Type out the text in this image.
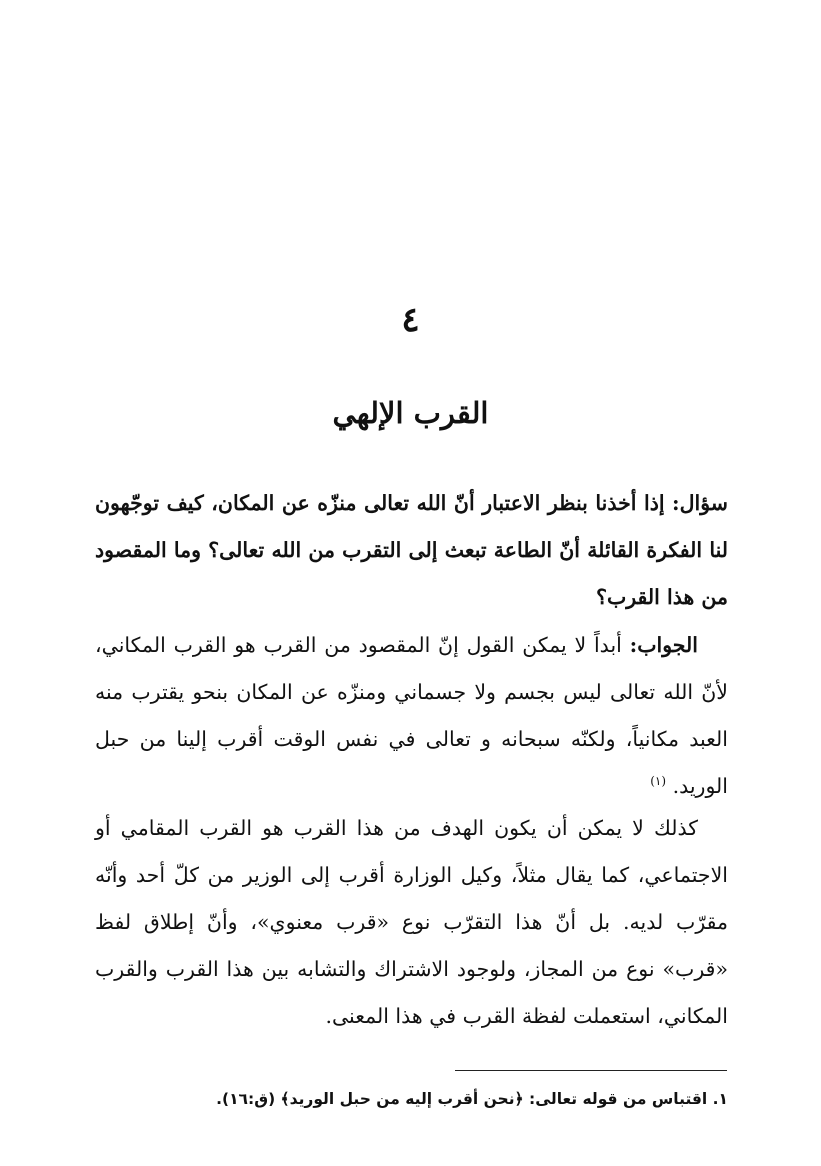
٤
القرب الإلهي

سؤال: إذا أخذنا بنظر الاعتبار أنّ الله تعالى منزّه عن المكان، كيف توجّهون لنا الفكرة القائلة أنّ الطاعة تبعث إلى التقرب من الله تعالى؟ وما المقصود من هذا القرب؟

الجواب: أبداً لا يمكن القول إنّ المقصود من القرب هو القرب المكاني، لأنّ الله تعالى ليس بجسم ولا جسماني ومنزّه عن المكان بنحو يقترب منه العبد مكانياً، ولكنّه سبحانه و تعالى في نفس الوقت أقرب إلينا من حبل الوريد. $^{(١)}$

كذلك لا يمكن أن يكون الهدف من هذا القرب هو القرب المقامي أو الاجتماعي، كما يقال مثلاً، وكيل الوزارة أقرب إلى الوزير من كلّ أحد وأنّه مقرّب لديه. بل أنّ هذا التقرّب نوع «قرب معنوي»، وأنّ إطلاق لفظ «قرب» نوع من المجاز، ولوجود الاشتراك والتشابه بين هذا القرب والقرب المكاني، استعملت لفظة القرب في هذا المعنى.

١. اقتباس من قوله تعالى: ﴿نحن أقرب إليه من حبل الوريد﴾ (ق:١٦).
